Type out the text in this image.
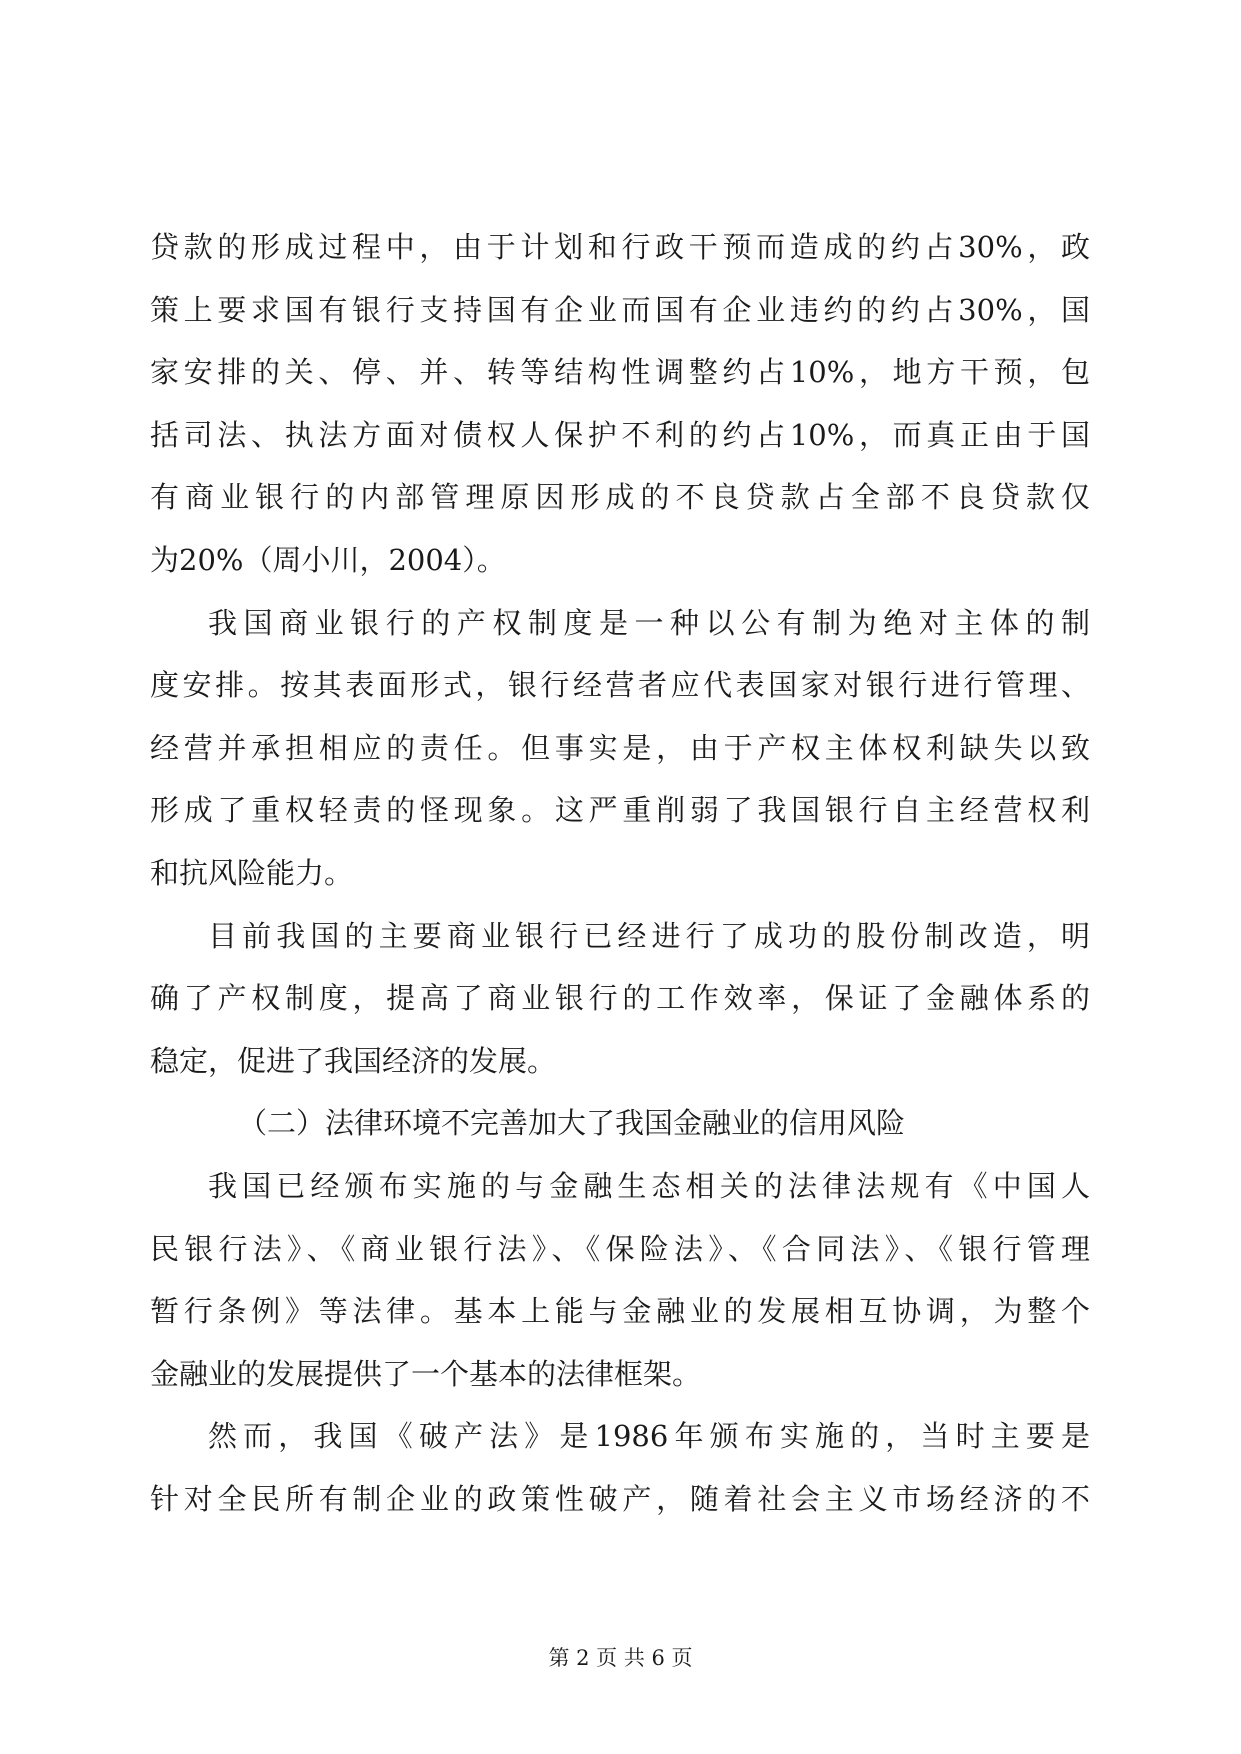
贷款的形成过程中，由于计划和行政干预而造成的约占30%，政
策上要求国有银行支持国有企业而国有企业违约的约占30%，国
家安排的关、停、并、转等结构性调整约占10%，地方干预，包
括司法、执法方面对债权人保护不利的约占10%，而真正由于国
有商业银行的内部管理原因形成的不良贷款占全部不良贷款仅
为20%（周小川，2004）。
我国商业银行的产权制度是一种以公有制为绝对主体的制
度安排。按其表面形式，银行经营者应代表国家对银行进行管理、
经营并承担相应的责任。但事实是，由于产权主体权利缺失以致
形成了重权轻责的怪现象。这严重削弱了我国银行自主经营权利
和抗风险能力。
目前我国的主要商业银行已经进行了成功的股份制改造，明
确了产权制度，提高了商业银行的工作效率，保证了金融体系的
稳定，促进了我国经济的发展。
（二）法律环境不完善加大了我国金融业的信用风险
我国已经颁布实施的与金融生态相关的法律法规有《中国人
民银行法》、《商业银行法》、《保险法》、《合同法》、《银行管理
暂行条例》等法律。基本上能与金融业的发展相互协调，为整个
金融业的发展提供了一个基本的法律框架。
然而，我国《破产法》是1986年颁布实施的，当时主要是
针对全民所有制企业的政策性破产，随着社会主义市场经济的不
第 2 页 共 6 页
